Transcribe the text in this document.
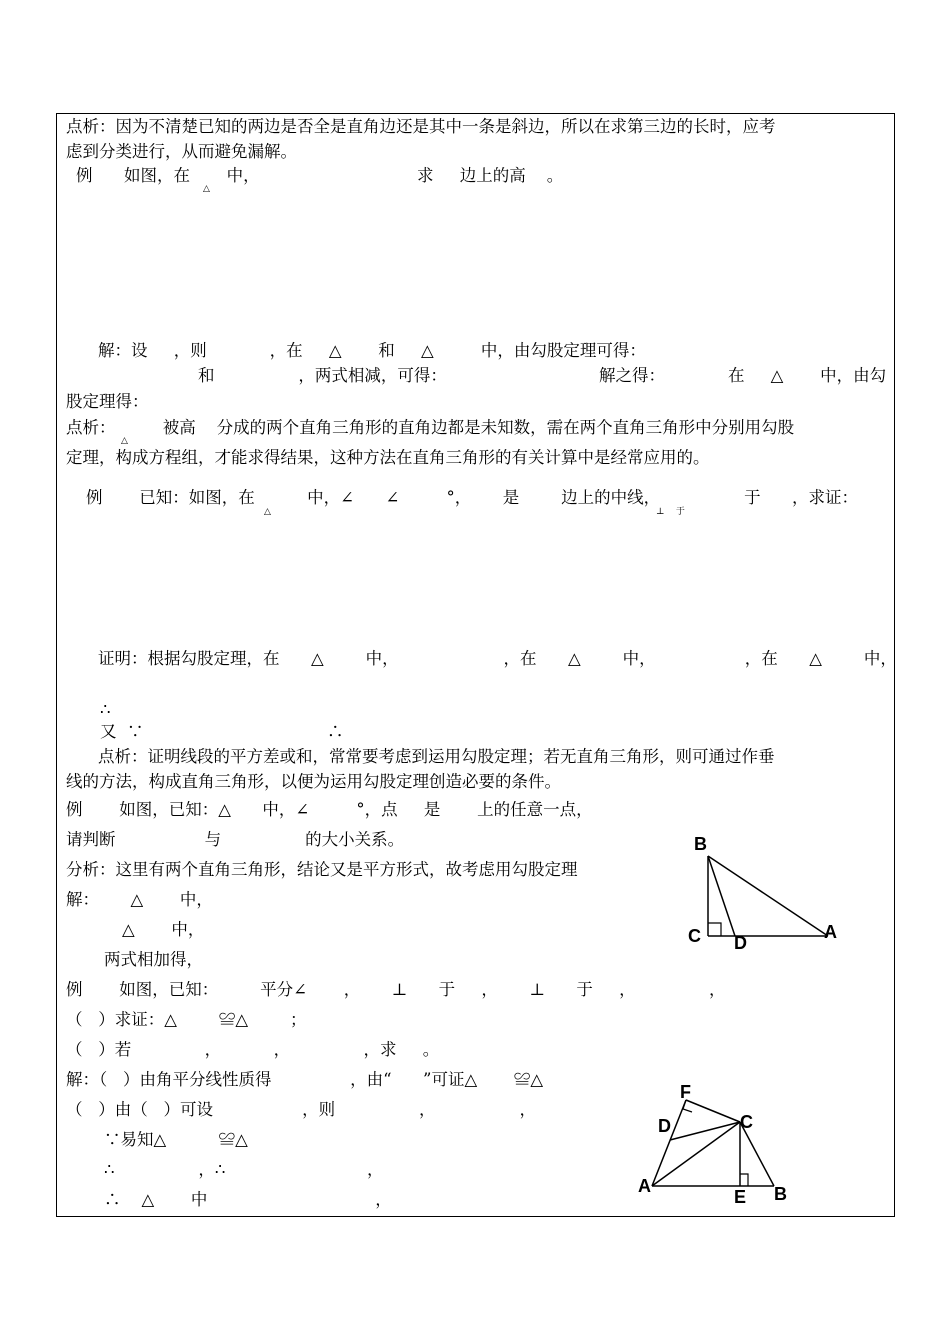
点析：因为不清楚已知的两边是否全是直角边还是其中一条是斜边，所以在求第三边的长时，应考
虑到分类进行，从而避免漏解。
例      如图，在       中，                              求     边上的高    。
△
解：设     ，则            ，在     △       和     △         中，由勾股定理可得：
和                ，两式相减，可得：                             解之得：            在     △       中，由勾
股定理得：
点析：         被高    分成的两个直角三角形的直角边都是未知数，需在两个直角三角形中分别用勾股
△
定理，构成方程组，才能求得结果，这种方法在直角三角形的有关计算中是经常应用的。
例       已知：如图，在          中，∠      ∠         °，      是        边上的中线，                于      ，求证：
△	⊥    于
证明：根据勾股定理，在      △        中，                    ，在      △        中，                 ，在      △        中，
∴
又  ∵                                   ∴
点析：证明线段的平方差或和，常常要考虑到运用勾股定理；若无直角三角形，则可通过作垂
线的方法，构成直角三角形，以便为运用勾股定理创造必要的条件。
例       如图，已知：△      中，∠         °，点     是       上的任意一点，
请判断                 与                的大小关系。
分析：这里有两个直角三角形，结论又是平方形式，故考虑用勾股定理
解：      △       中，
△       中，
两式相加得，
例       如图，已知：        平分∠       ，      ⊥      于     ，      ⊥      于     ，              ，
（   ）求证：△        ≌△        ；
（   ）若              ，          ，              ，求     。
解：（   ）由角平分线性质得               ，由“      ”可证△       ≌△
（   ）由（   ）可设                 ，则                ，                ，
∵易知△          ≌△
∴                ，∴                           ，
∴    △       中                                ，
B
C D
A
F
D	C
A
E B
